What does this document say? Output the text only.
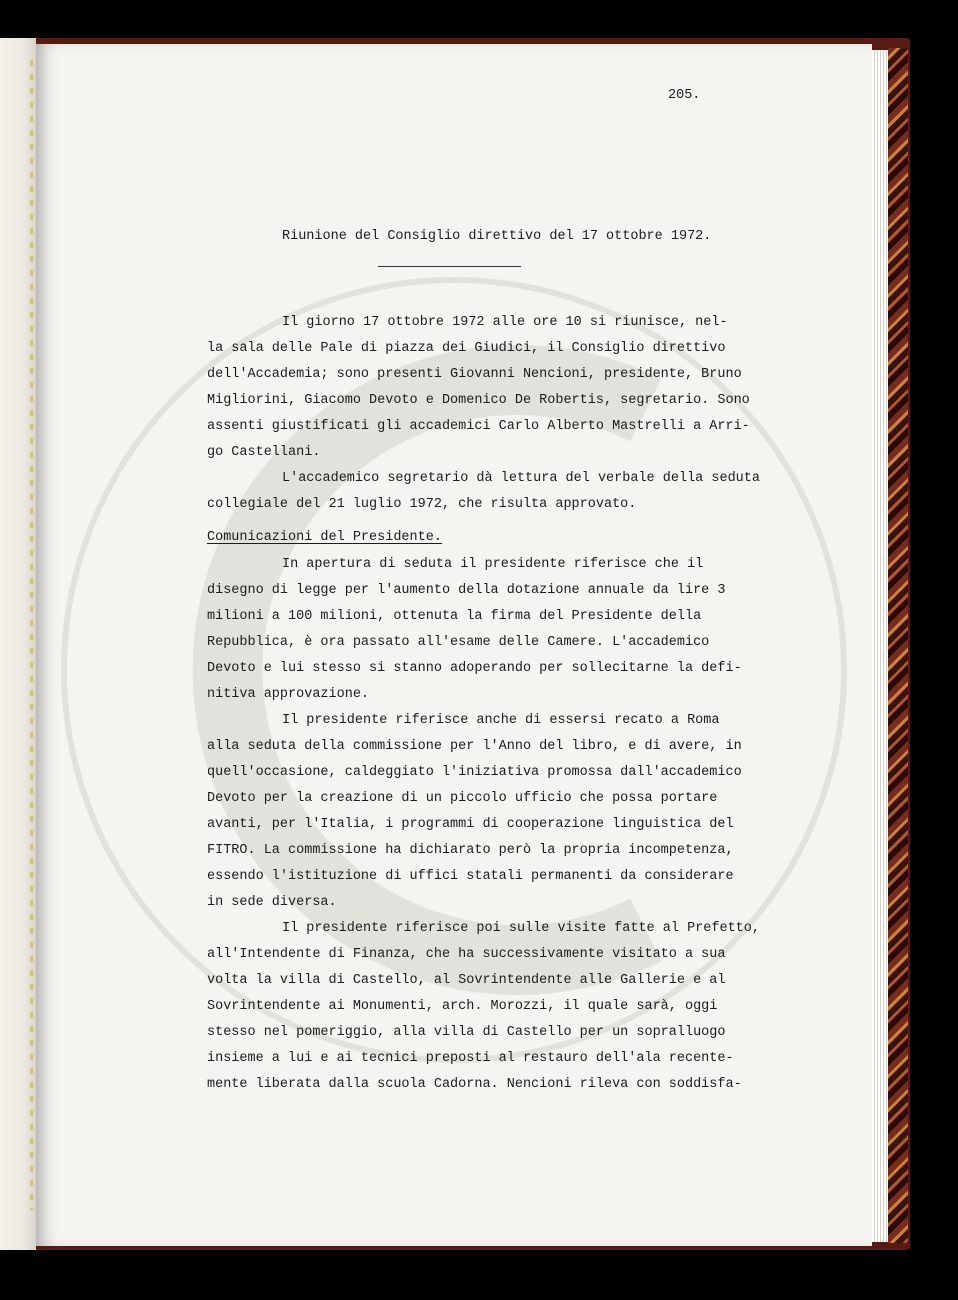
205.
Riunione del Consiglio direttivo del 17 ottobre 1972.
Il giorno 17 ottobre 1972 alle ore 10 si riunisce, nel-
la sala delle Pale di piazza dei Giudici, il Consiglio direttivo
dell'Accademia; sono presenti Giovanni Nencioni, presidente, Bruno
Migliorini, Giacomo Devoto e Domenico De Robertis, segretario. Sono
assenti giustificati gli accademici Carlo Alberto Mastrelli a Arri-
go Castellani.
L'accademico segretario dà lettura del verbale della seduta
collegiale del 21 luglio 1972, che risulta approvato.
Comunicazioni del Presidente.
In apertura di seduta il presidente riferisce che il
disegno di legge per l'aumento della dotazione annuale da lire 3
milioni a 100 milioni, ottenuta la firma del Presidente della
Repubblica, è ora passato all'esame delle Camere. L'accademico
Devoto e lui stesso si stanno adoperando per sollecitarne la defi-
nitiva approvazione.
Il presidente riferisce anche di essersi recato a Roma
alla seduta della commissione per l'Anno del libro, e di avere, in
quell'occasione, caldeggiato l'iniziativa promossa dall'accademico
Devoto per la creazione di un piccolo ufficio che possa portare
avanti, per l'Italia, i programmi di cooperazione linguistica del
FITRO. La commissione ha dichiarato però la propria incompetenza,
essendo l'istituzione di uffici statali permanenti da considerare
in sede diversa.
Il presidente riferisce poi sulle visite fatte al Prefetto,
all'Intendente di Finanza, che ha successivamente visitato a sua
volta la villa di Castello, al Sovrintendente alle Gallerie e al
Sovrintendente ai Monumenti, arch. Morozzi, il quale sarà, oggi
stesso nel pomeriggio, alla villa di Castello per un sopralluogo
insieme a lui e ai tecnici preposti al restauro dell'ala recente-
mente liberata dalla scuola Cadorna. Nencioni rileva con soddisfa-
